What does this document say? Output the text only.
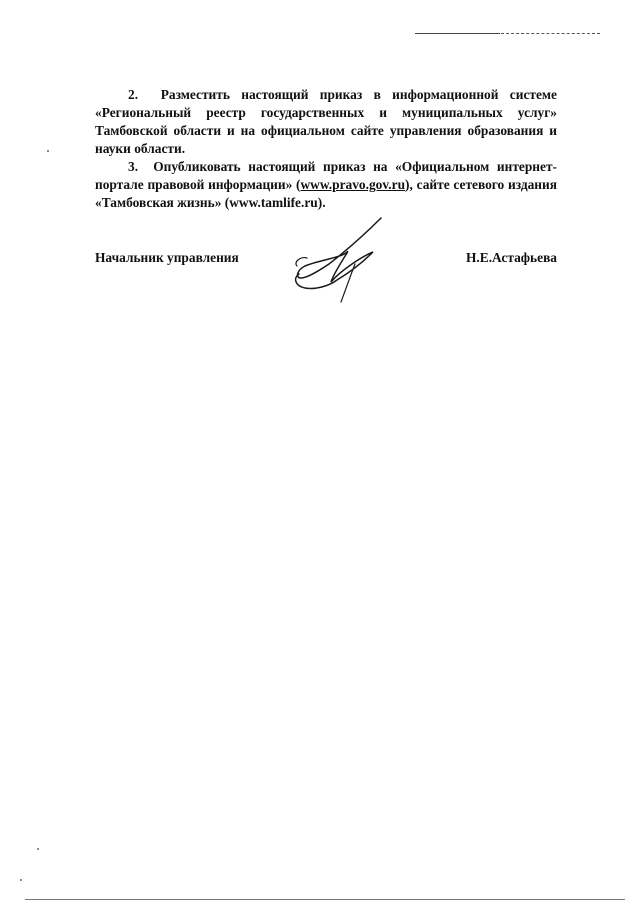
2.  Разместить настоящий приказ в информационной системе «Региональный реестр государственных и муниципальных услуг» Тамбовской области и на официальном сайте управления образования и науки области.

3.  Опубликовать настоящий приказ на «Официальном интернет-портале правовой информации» (www.pravo.gov.ru), сайте сетевого издания «Тамбовская жизнь» (www.tamlife.ru).

Начальник управления	Н.Е.Астафьева
